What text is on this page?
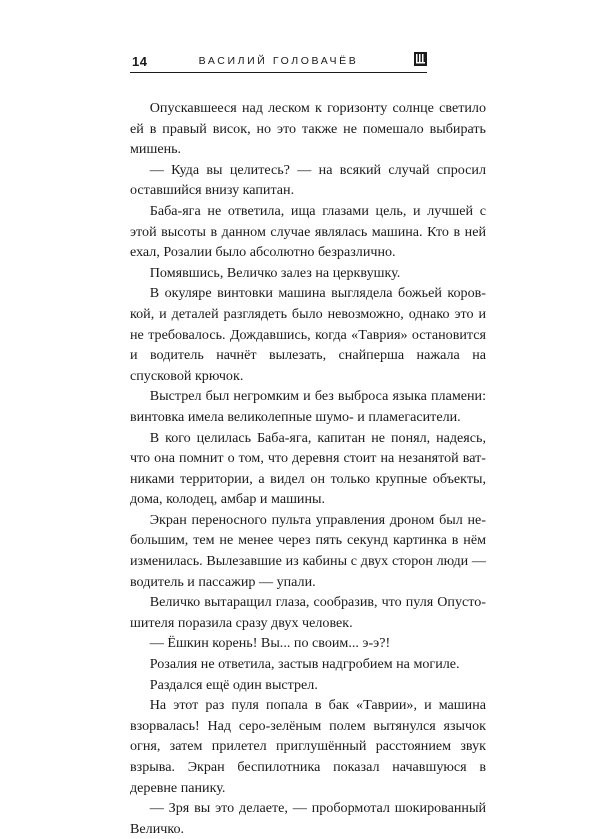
14	ВАСИЛИЙ ГОЛОВАЧЁВ

Опускавшееся над леском к горизонту солнце светило ей в правый висок, но это также не помешало выбирать мишень.

— Куда вы целитесь? — на всякий случай спросил оставшийся внизу капитан.

Баба-яга не ответила, ища глазами цель, и лучшей с этой высоты в данном случае являлась машина. Кто в ней ехал, Розалии было абсолютно безразлично.

Помявшись, Величко залез на церквушку.

В окуляре винтовки машина выглядела божьей коровкой, и деталей разглядеть было невозможно, однако это и не требовалось. Дождавшись, когда «Таврия» остановится и водитель начнёт вылезать, снайперша нажала на спусковой крючок.

Выстрел был негромким и без выброса языка пламени: винтовка имела великолепные шумо- и пламегасители.

В кого целилась Баба-яга, капитан не понял, надеясь, что она помнит о том, что деревня стоит на незанятой ватниками территории, а видел он только крупные объекты, дома, колодец, амбар и машины.

Экран переносного пульта управления дроном был небольшим, тем не менее через пять секунд картинка в нём изменилась. Вылезавшие из кабины с двух сторон люди — водитель и пассажир — упали.

Величко вытаращил глаза, сообразив, что пуля Опустошителя поразила сразу двух человек.

— Ёшкин корень! Вы... по своим... э-э?!

Розалия не ответила, застыв надгробием на могиле.

Раздался ещё один выстрел.

На этот раз пуля попала в бак «Таврии», и машина взорвалась! Над серо-зелёным полем вытянулся язычок огня, затем прилетел приглушённый расстоянием звук взрыва. Экран беспилотника показал начавшуюся в деревне панику.

— Зря вы это делаете, — пробормотал шокированный Величко.
